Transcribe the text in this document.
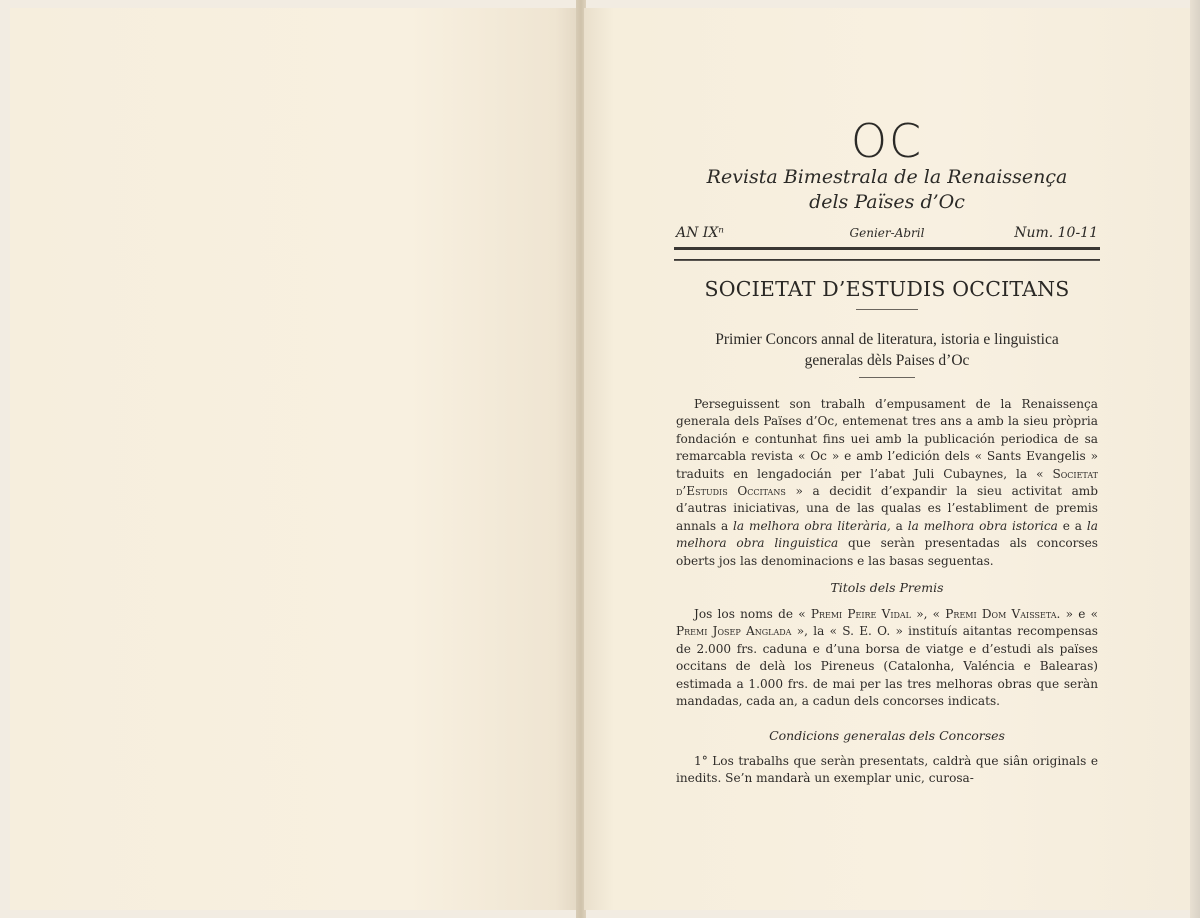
OC
Revista Bimestrala de la Renaissença
dels Païses d’Oc
AN IXⁿ	Genier-Abril	Num. 10-11
SOCIETAT D’ESTUDIS OCCITANS
Primier Concors annal de literatura, istoria e linguistica
generalas dèls Paises d’Oc

Perseguissent son trabalh d’empusament de la Renaissença generala dels Païses d’Oc, entemenat tres ans a amb la sieu pròpria fondación e contunhat fins uei amb la publicación periodica de sa remarcabla revista « Oc » e amb l’edición dels « Sants Evangelis » traduits en lengadocián per l’abat Juli Cubaynes, la « Societat d’Estudis Occitans » a decidit d’expandir la sieu activitat amb d’autras iniciativas, una de las qualas es l’establiment de premis annals a la melhora obra literària, a la melhora obra istorica e a la melhora obra linguistica que seràn presentadas als concorses oberts jos las denominacions e las basas seguentas.

Titols dels Premis

Jos los noms de « Premi Peire Vidal », « Premi Dom Vaisseta. » e « Premi Josep Anglada », la « S. E. O. » instituís aitantas recompensas de 2.000 frs. caduna e d’una borsa de viatge e d’estudi als païses occitans de delà los Pireneus (Catalonha, Valéncia e Balearas) estimada a 1.000 frs. de mai per las tres melhoras obras que seràn mandadas, cada an, a cadun dels concorses indicats.

Condicions generalas dels Concorses

1° Los trabalhs que seràn presentats, caldrà que siân originals e inedits. Se’n mandarà un exemplar unic, curosa-
